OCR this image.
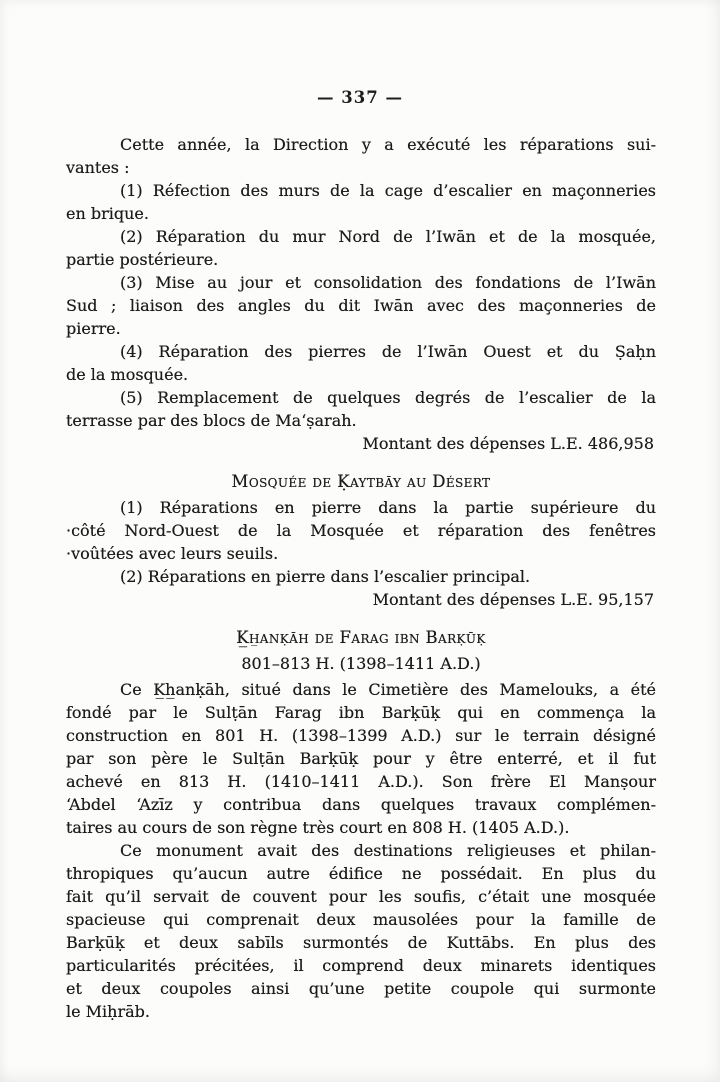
— 337 —
Cette année, la Direction y a exécuté les réparations sui-
vantes :
(1) Réfection des murs de la cage d’escalier en maçonneries
en brique.
(2) Réparation du mur Nord de l’Iwān et de la mosquée,
partie postérieure.
(3) Mise au jour et consolidation des fondations de l’Iwān
Sud ; liaison des angles du dit Iwān avec des maçonneries de
pierre.
(4) Réparation des pierres de l’Iwān Ouest et du Ṣaḥn
de la mosquée.
(5) Remplacement de quelques degrés de l’escalier de la
terrasse par des blocs de Ma‘ṣarah.
Montant des dépenses L.E. 486,958
Mosquée de Ḳaytbāy au Désert
(1) Réparations en pierre dans la partie supérieure du
·côté Nord-Ouest de la Mosquée et réparation des fenêtres
·voûtées avec leurs seuils.
(2) Réparations en pierre dans l’escalier principal.
Montant des dépenses L.E. 95,157
K̲h̲anḳāh de Farag ibn Barḳūḳ
801–813 H. (1398–1411 A.D.)
Ce K̲h̲anḳāh, situé dans le Cimetière des Mamelouks, a été
fondé par le Sulṭān Farag ibn Barḳūḳ qui en commença la
construction en 801 H. (1398–1399 A.D.) sur le terrain désigné
par son père le Sulṭān Barḳūḳ pour y être enterré, et il fut
achevé en 813 H. (1410–1411 A.D.). Son frère El Manṣour
‘Abdel ‘Azīz y contribua dans quelques travaux complémen-
taires au cours de son règne très court en 808 H. (1405 A.D.).
Ce monument avait des destinations religieuses et philan-
thropiques qu’aucun autre édifice ne possédait. En plus du
fait qu’il servait de couvent pour les soufis, c’était une mosquée
spacieuse qui comprenait deux mausolées pour la famille de
Barḳūḳ et deux sabīls surmontés de Kuttābs. En plus des
particularités précitées, il comprend deux minarets identiques
et deux coupoles ainsi qu’une petite coupole qui surmonte
le Miḥrāb.
